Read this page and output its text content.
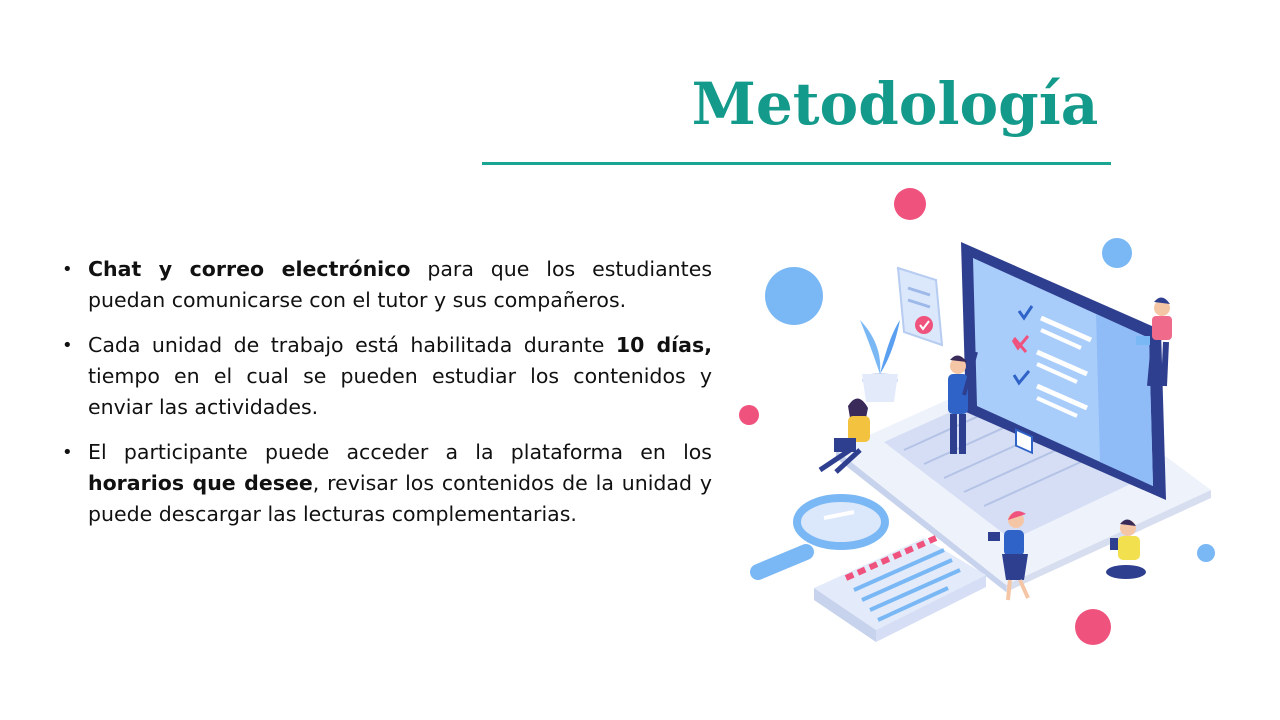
Metodología
• Chat y correo electrónico para que los estudiantes puedan comunicarse con el tutor y sus compañeros.
• Cada unidad de trabajo está habilitada durante 10 días, tiempo en el cual se pueden estudiar los contenidos y enviar las actividades.
• El participante puede acceder a la plataforma en los horarios que desee, revisar los contenidos de la unidad y puede descargar las lecturas complementarias.
